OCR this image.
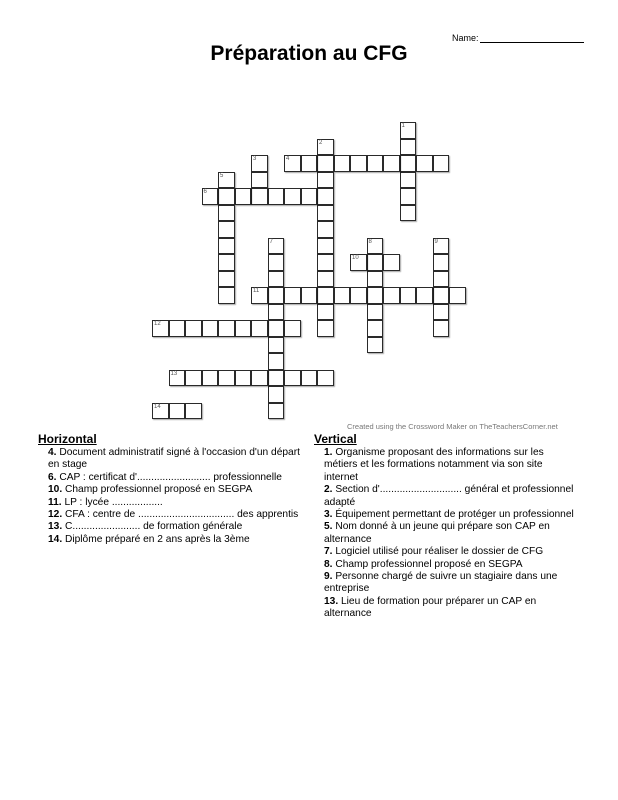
Name:
Préparation au CFG
1
2
3	4
5
6
7	8	9
10
11
12
13
14
Created using the Crossword Maker on TheTeachersCorner.net
Horizontal	Vertical

4. Document administratif signé à l'occasion d'un départ en stage

6. CAP : certificat d'.......................... professionnelle

10. Champ professionnel proposé en SEGPA

11. LP : lycée ..................

12. CFA : centre de .................................. des apprentis

13. C........................ de formation générale

14. Diplôme préparé en 2 ans après la 3ème

1. Organisme proposant des informations sur les métiers et les formations notamment via son site internet

2. Section d'............................. général et professionnel adapté

3. Équipement permettant de protéger un professionnel

5. Nom donné à un jeune qui prépare son CAP en alternance

7. Logiciel utilisé pour réaliser le dossier de CFG

8. Champ professionnel proposé en SEGPA

9. Personne chargé de suivre un stagiaire dans une entreprise

13. Lieu de formation pour préparer un CAP en alternance
